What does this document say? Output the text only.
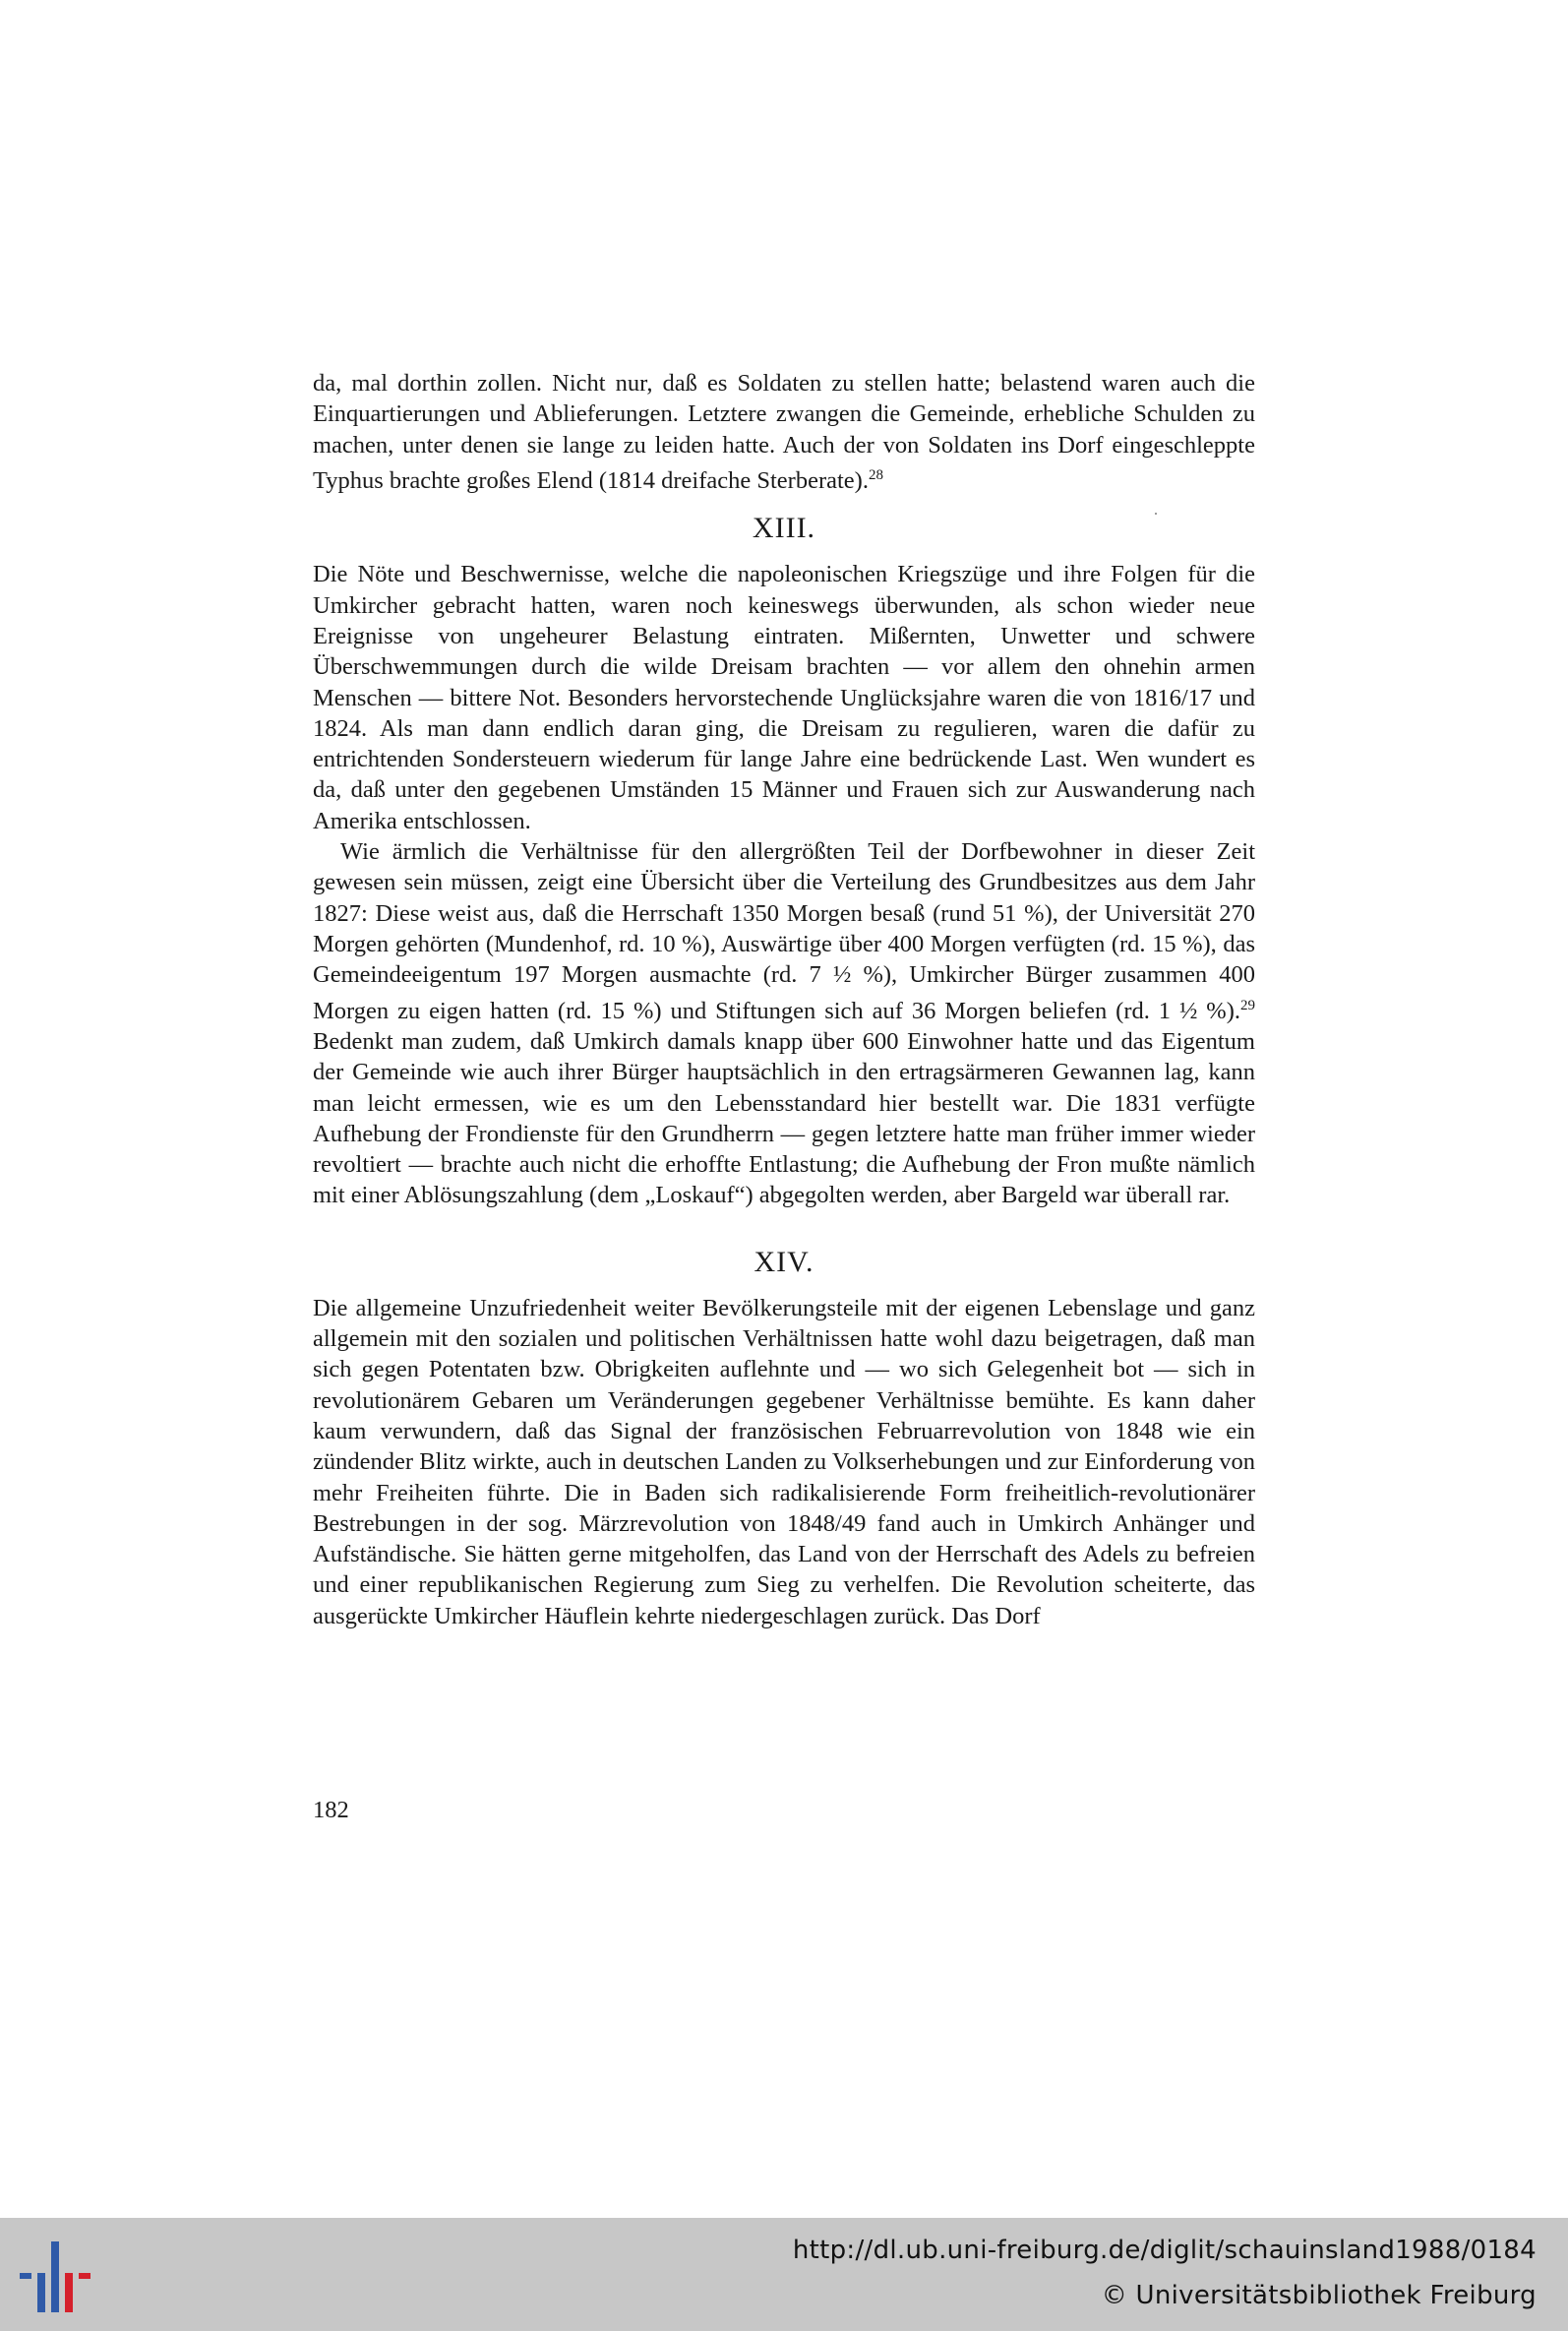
da, mal dorthin zollen. Nicht nur, daß es Soldaten zu stellen hatte; belastend waren auch die Einquartierungen und Ablieferungen. Letztere zwangen die Gemeinde, erhebliche Schulden zu machen, unter denen sie lange zu leiden hatte. Auch der von Soldaten ins Dorf eingeschleppte Typhus brachte großes Elend (1814 dreifache Sterberate).$^{28}$

XIII.

Die Nöte und Beschwernisse, welche die napoleonischen Kriegszüge und ihre Folgen für die Umkircher gebracht hatten, waren noch keineswegs überwunden, als schon wieder neue Ereignisse von ungeheurer Belastung eintraten. Mißernten, Unwetter und schwere Überschwemmungen durch die wilde Dreisam brachten — vor allem den ohnehin armen Menschen — bittere Not. Besonders hervorstechende Unglücksjahre waren die von 1816/17 und 1824. Als man dann endlich daran ging, die Dreisam zu regulieren, waren die dafür zu entrichtenden Sondersteuern wiederum für lange Jahre eine bedrückende Last. Wen wundert es da, daß unter den gegebenen Umständen 15 Männer und Frauen sich zur Auswanderung nach Amerika entschlossen.

Wie ärmlich die Verhältnisse für den allergrößten Teil der Dorfbewohner in dieser Zeit gewesen sein müssen, zeigt eine Übersicht über die Verteilung des Grundbesitzes aus dem Jahr 1827: Diese weist aus, daß die Herrschaft 1350 Morgen besaß (rund 51 %), der Universität 270 Morgen gehörten (Mundenhof, rd. 10 %), Auswärtige über 400 Morgen verfügten (rd. 15 %), das Gemeindeeigentum 197 Morgen ausmachte (rd. 7 ½ %), Umkircher Bürger zusammen 400 Morgen zu eigen hatten (rd. 15 %) und Stiftungen sich auf 36 Morgen beliefen (rd. 1 ½ %).$^{29}$ Bedenkt man zudem, daß Umkirch damals knapp über 600 Einwohner hatte und das Eigentum der Gemeinde wie auch ihrer Bürger hauptsächlich in den ertragsärmeren Gewannen lag, kann man leicht ermessen, wie es um den Lebensstandard hier bestellt war. Die 1831 verfügte Aufhebung der Frondienste für den Grundherrn — gegen letztere hatte man früher immer wieder revoltiert — brachte auch nicht die erhoffte Entlastung; die Aufhebung der Fron mußte nämlich mit einer Ablösungszahlung (dem „Loskauf“) abgegolten werden, aber Bargeld war überall rar.

XIV.

Die allgemeine Unzufriedenheit weiter Bevölkerungsteile mit der eigenen Lebenslage und ganz allgemein mit den sozialen und politischen Verhältnissen hatte wohl dazu beigetragen, daß man sich gegen Potentaten bzw. Obrigkeiten auflehnte und — wo sich Gelegenheit bot — sich in revolutionärem Gebaren um Veränderungen gegebener Verhältnisse bemühte. Es kann daher kaum verwundern, daß das Signal der französischen Februarrevolution von 1848 wie ein zündender Blitz wirkte, auch in deutschen Landen zu Volkserhebungen und zur Einforderung von mehr Freiheiten führte. Die in Baden sich radikalisierende Form freiheitlich-revolutionärer Bestrebungen in der sog. Märzrevolution von 1848/49 fand auch in Umkirch Anhänger und Aufständische. Sie hätten gerne mitgeholfen, das Land von der Herrschaft des Adels zu befreien und einer republikanischen Regierung zum Sieg zu verhelfen. Die Revolution scheiterte, das ausgerückte Umkircher Häuflein kehrte niedergeschlagen zurück. Das Dorf

182
http://dl.ub.uni-freiburg.de/diglit/schauinsland1988/0184
© Universitätsbibliothek Freiburg
